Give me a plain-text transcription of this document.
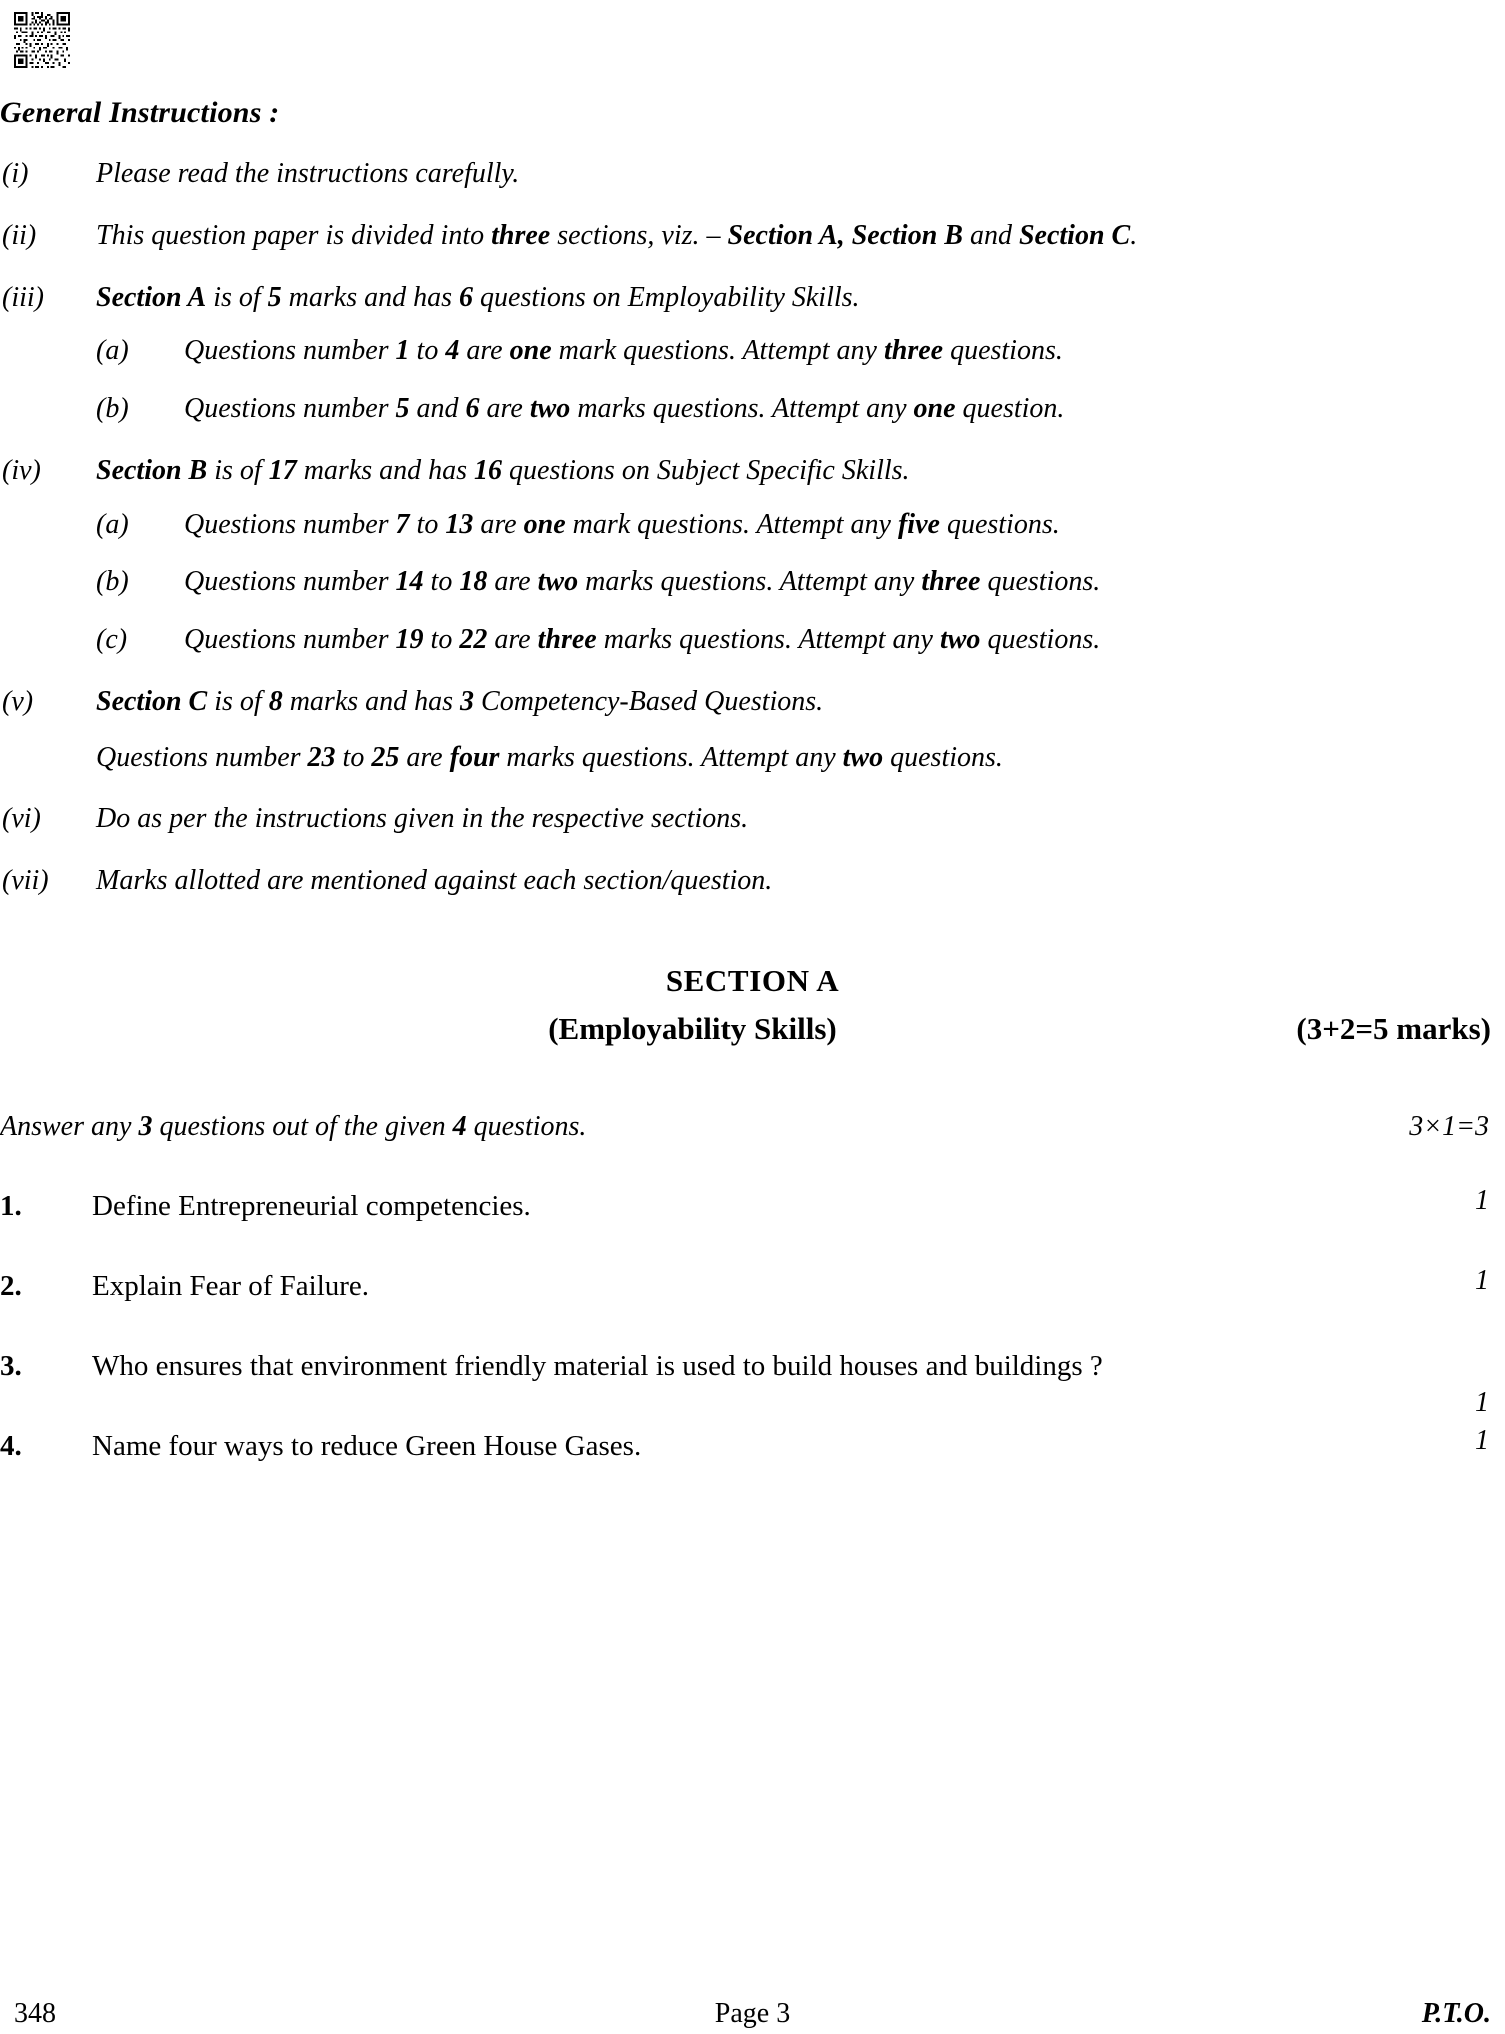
General Instructions :
(i)	Please read the instructions carefully.
(ii)	This question paper is divided into three sections, viz. – Section A, Section B and Section C.
(iii)	Section A is of 5 marks and has 6 questions on Employability Skills.
(a)	Questions number 1 to 4 are one mark questions. Attempt any three questions.
(b)	Questions number 5 and 6 are two marks questions. Attempt any one question.
(iv)	Section B is of 17 marks and has 16 questions on Subject Specific Skills.
(a)	Questions number 7 to 13 are one mark questions. Attempt any five questions.
(b)	Questions number 14 to 18 are two marks questions. Attempt any three questions.
(c)	Questions number 19 to 22 are three marks questions. Attempt any two questions.
(v)	Section C is of 8 marks and has 3 Competency-Based Questions.
Questions number 23 to 25 are four marks questions. Attempt any two questions.
(vi)	Do as per the instructions given in the respective sections.
(vii)	Marks allotted are mentioned against each section/question.
SECTION A
(Employability Skills)	(3+2=5 marks)
Answer any 3 questions out of the given 4 questions.	3×1=3
1.	Define Entrepreneurial competencies.	1
2.	Explain Fear of Failure.	1
3.	Who ensures that environment friendly material is used to build houses and buildings ?
1
4.	Name four ways to reduce Green House Gases.	1
348	Page 3	P.T.O.
